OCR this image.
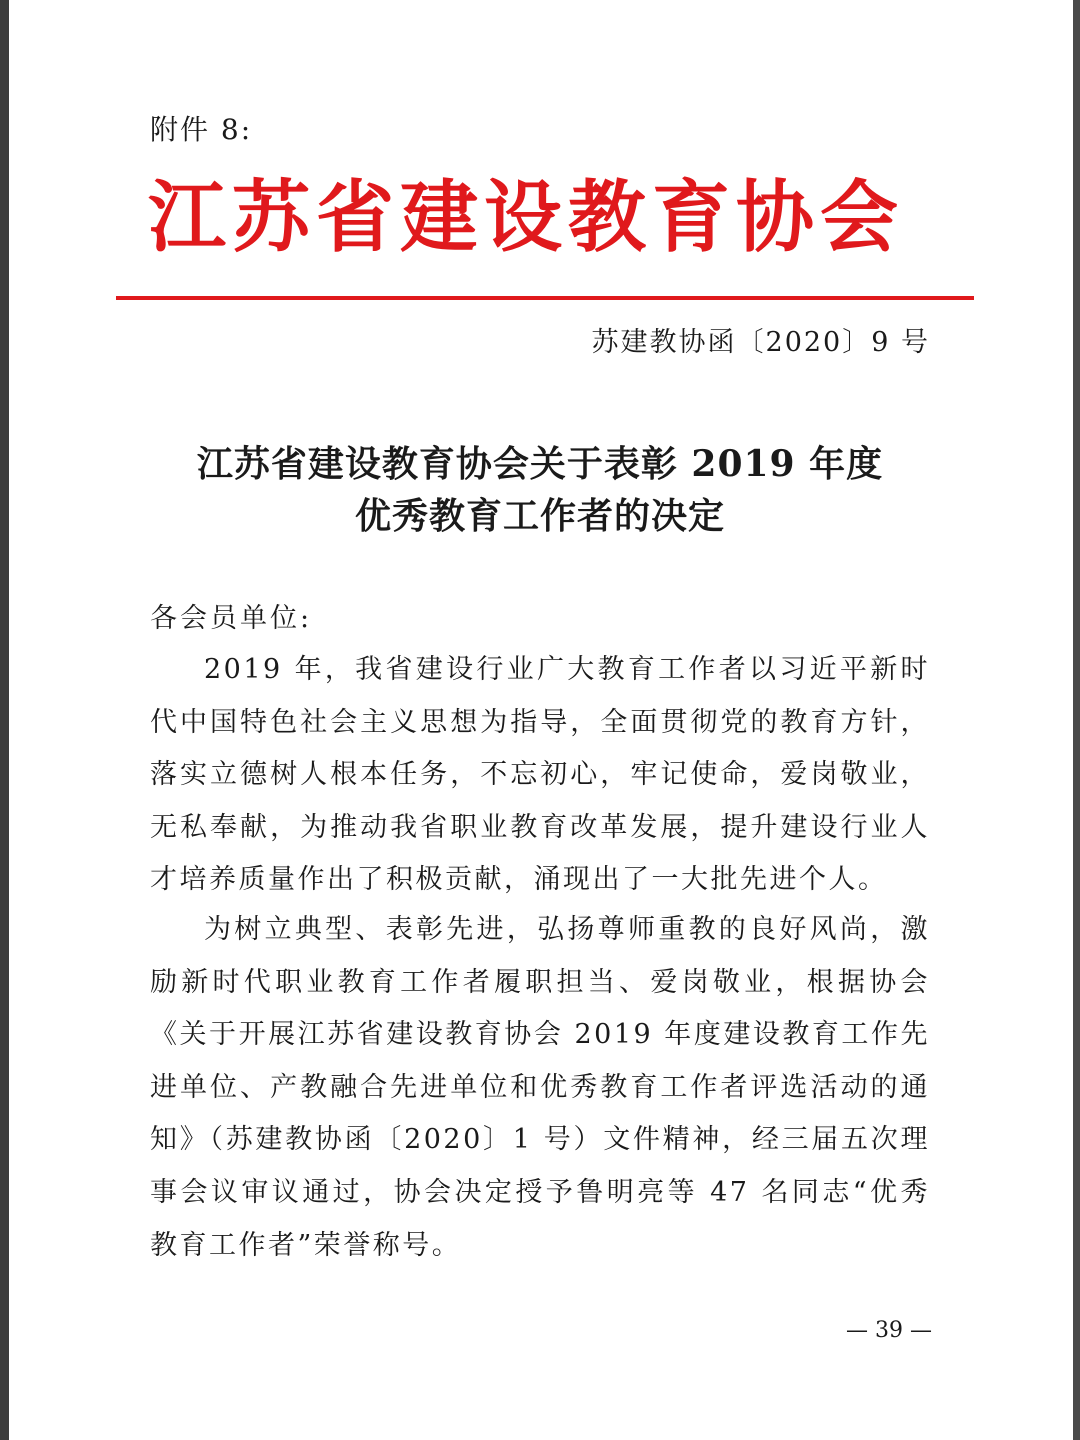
附件 8:
江苏省建设教育协会
苏建教协函〔2020〕9 号
江苏省建设教育协会关于表彰 2019 年度
优秀教育工作者的决定
各会员单位:
2019 年，我省建设行业广大教育工作者以习近平新时代中国特色社会主义思想为指导，全面贯彻党的教育方针，落实立德树人根本任务，不忘初心，牢记使命，爱岗敬业，无私奉献，为推动我省职业教育改革发展，提升建设行业人才培养质量作出了积极贡献，涌现出了一大批先进个人。
为树立典型、表彰先进，弘扬尊师重教的良好风尚，激励新时代职业教育工作者履职担当、爱岗敬业，根据协会《关于开展江苏省建设教育协会 2019 年度建设教育工作先进单位、产教融合先进单位和优秀教育工作者评选活动的通知》（苏建教协函〔2020〕1 号）文件精神，经三届五次理事会议审议通过，协会决定授予鲁明亮等 47 名同志“优秀教育工作者”荣誉称号。
— 39 —
